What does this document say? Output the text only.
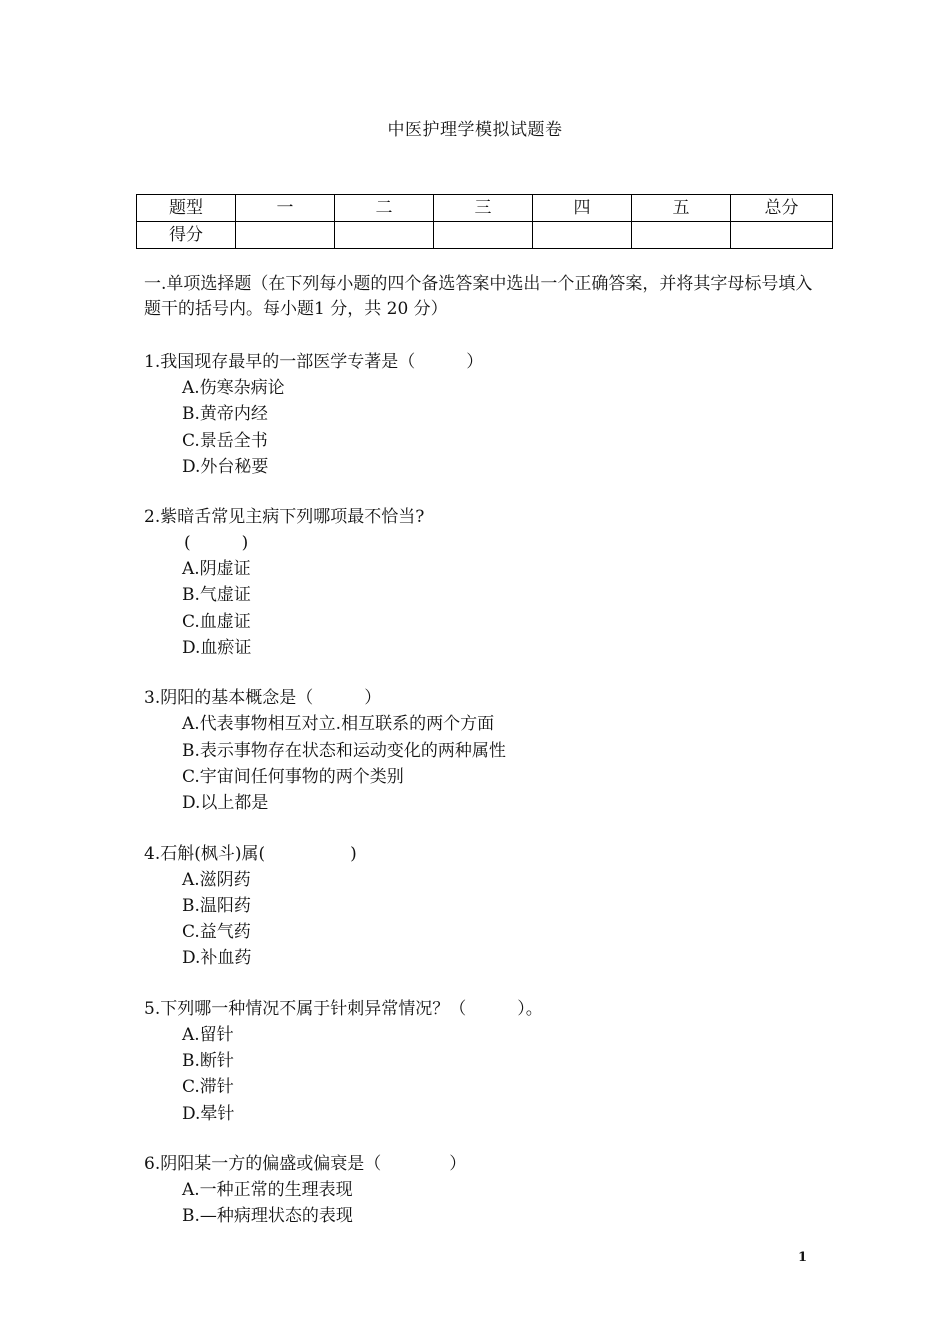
中医护理学模拟试题卷
题型	一	二	三	四	五	总分
得分						
一.单项选择题（在下列每小题的四个备选答案中选出一个正确答案，并将其字母标号填入题干的括号内。每小题1 分，共 20 分）
1.我国现存最早的一部医学专著是（　　　）
A.伤寒杂病论
B.黄帝内经
C.景岳全书
D.外台秘要
2.紫暗舌常见主病下列哪项最不恰当?
(　　　)
A.阴虚证
B.气虚证
C.血虚证
D.血瘀证
3.阴阳的基本概念是（　　　）
A.代表事物相互对立.相互联系的两个方面
B.表示事物存在状态和运动变化的两种属性
C.宇宙间任何事物的两个类别
D.以上都是
4.石斛(枫斗)属(　　　　　)
A.滋阴药
B.温阳药
C.益气药
D.补血药
5.下列哪一种情况不属于针刺异常情况？（　　　）。
A.留针
B.断针
C.滞针
D.晕针
6.阴阳某一方的偏盛或偏衰是（　　　　）
A.一种正常的生理表现
B.—种病理状态的表现
1
